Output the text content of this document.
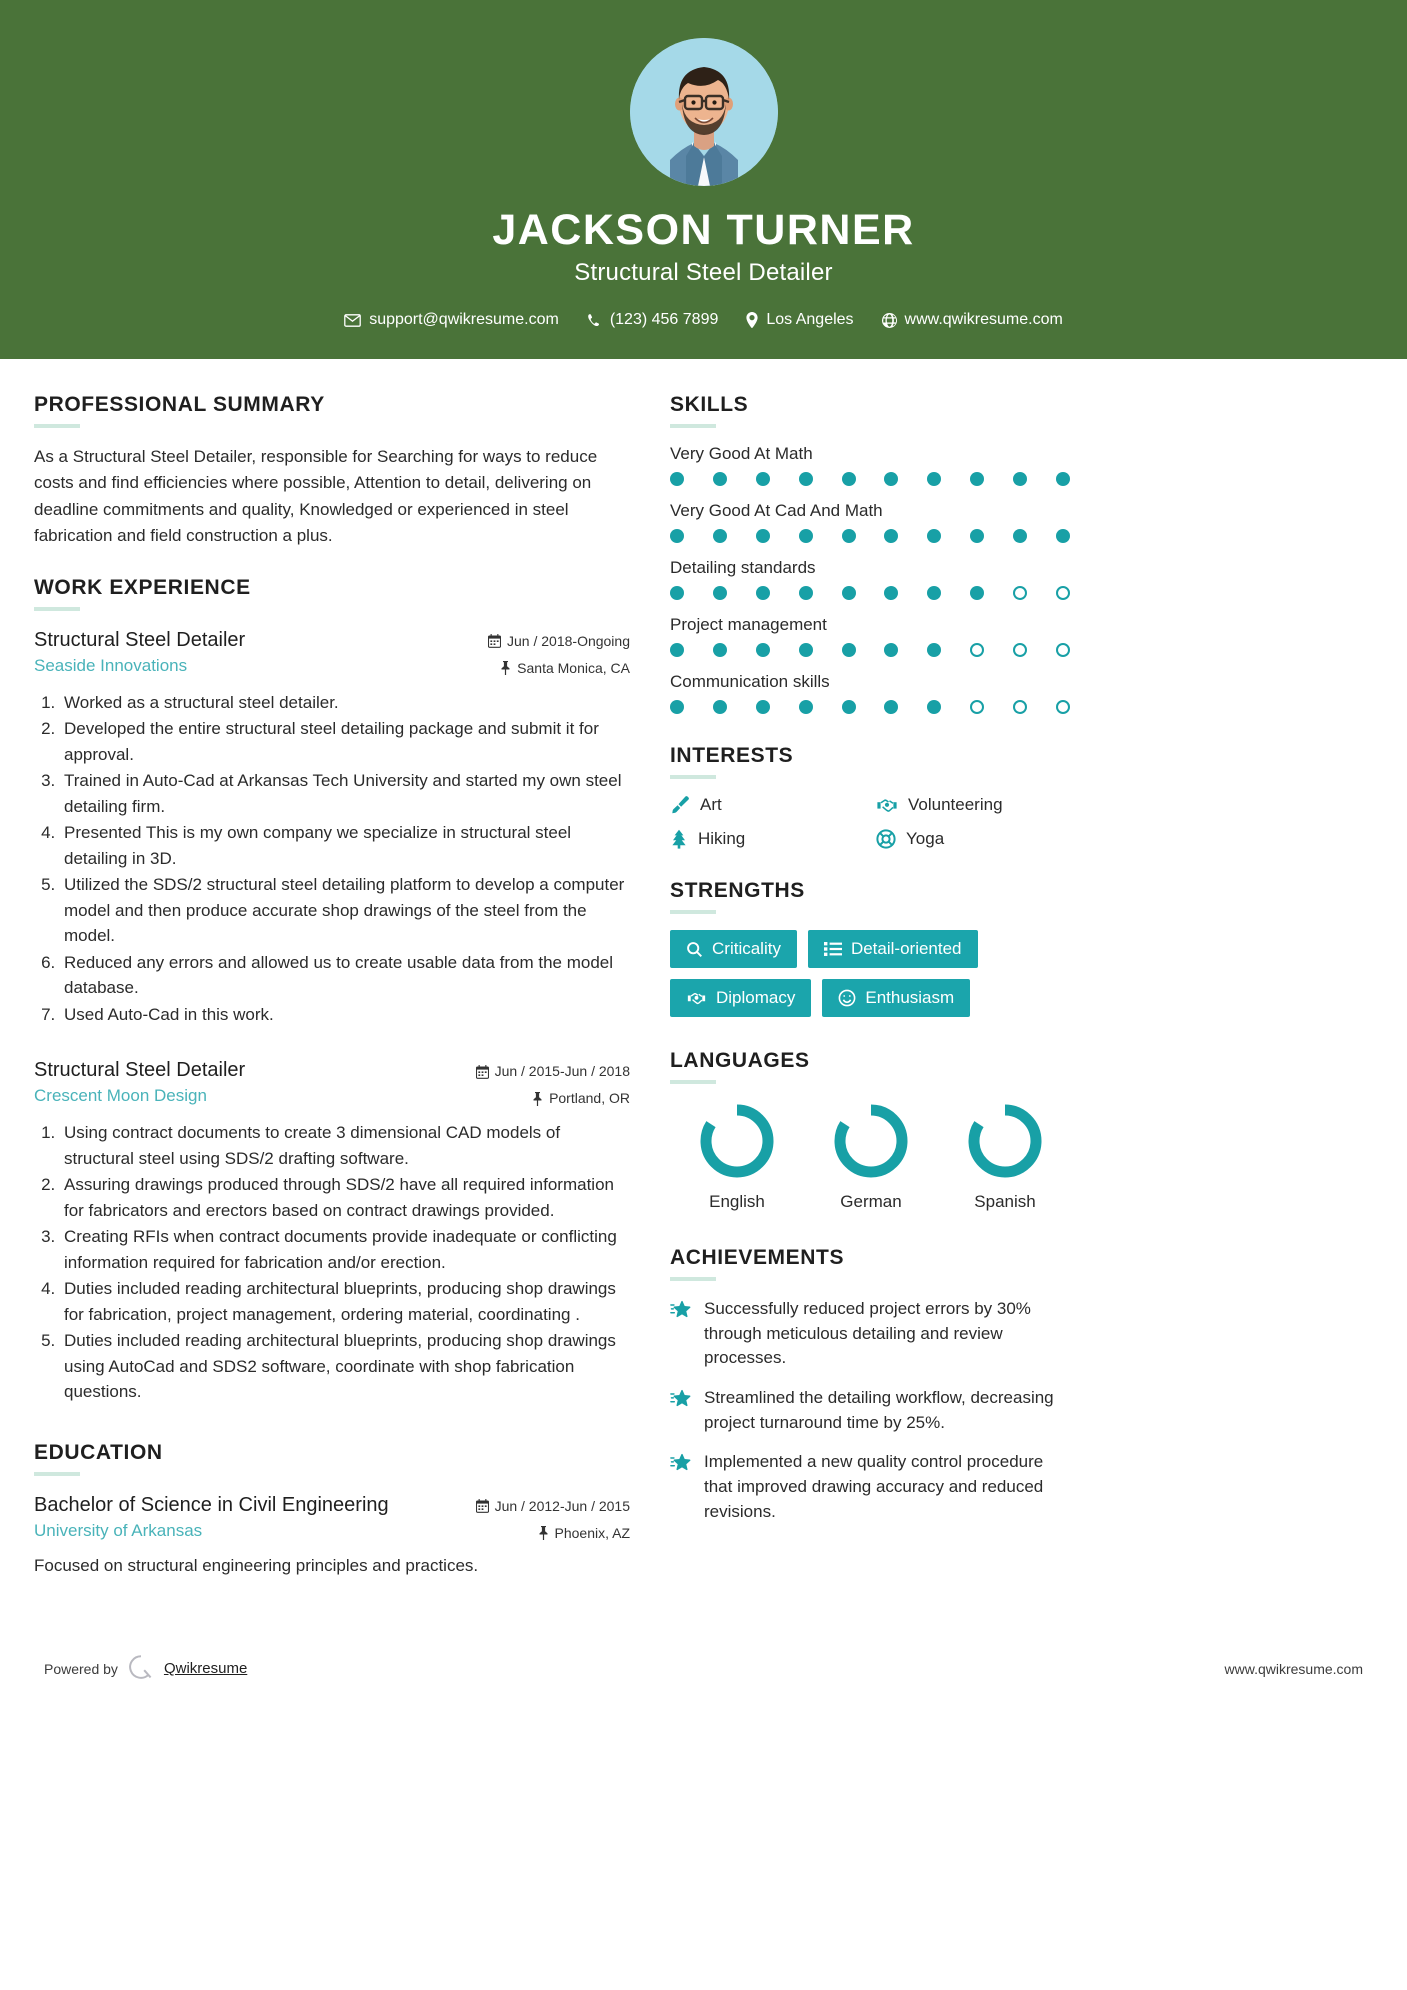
JACKSON TURNER
Structural Steel Detailer
support@qwikresume.com	(123) 456 7899	Los Angeles	www.qwikresume.com
PROFESSIONAL SUMMARY
As a Structural Steel Detailer, responsible for Searching for ways to reduce costs and find efficiencies where possible, Attention to detail, delivering on deadline commitments and quality, Knowledged or experienced in steel fabrication and field construction a plus.
WORK EXPERIENCE
Structural Steel Detailer
Seaside Innovations
Jun / 2018-Ongoing
Santa Monica, CA
1. Worked as a structural steel detailer.
2. Developed the entire structural steel detailing package and submit it for approval.
3. Trained in Auto-Cad at Arkansas Tech University and started my own steel detailing firm.
4. Presented This is my own company we specialize in structural steel detailing in 3D.
5. Utilized the SDS/2 structural steel detailing platform to develop a computer model and then produce accurate shop drawings of the steel from the model.
6. Reduced any errors and allowed us to create usable data from the model database.
7. Used Auto-Cad in this work.
Structural Steel Detailer
Crescent Moon Design
Jun / 2015-Jun / 2018
Portland, OR
1. Using contract documents to create 3 dimensional CAD models of structural steel using SDS/2 drafting software.
2. Assuring drawings produced through SDS/2 have all required information for fabricators and erectors based on contract drawings provided.
3. Creating RFIs when contract documents provide inadequate or conflicting information required for fabrication and/or erection.
4. Duties included reading architectural blueprints, producing shop drawings for fabrication, project management, ordering material, coordinating .
5. Duties included reading architectural blueprints, producing shop drawings using AutoCad and SDS2 software, coordinate with shop fabrication questions.
EDUCATION
Bachelor of Science in Civil Engineering
University of Arkansas
Jun / 2012-Jun / 2015
Phoenix, AZ
Focused on structural engineering principles and practices.
SKILLS
Very Good At Math
Very Good At Cad And Math
Detailing standards
Project management
Communication skills
INTERESTS
Art	Volunteering
Hiking	Yoga
STRENGTHS
Criticality	Detail-oriented
Diplomacy	Enthusiasm
LANGUAGES
English	German	Spanish
ACHIEVEMENTS
Successfully reduced project errors by 30% through meticulous detailing and review processes.
Streamlined the detailing workflow, decreasing project turnaround time by 25%.
Implemented a new quality control procedure that improved drawing accuracy and reduced revisions.
Powered by	Qwikresume	www.qwikresume.com
